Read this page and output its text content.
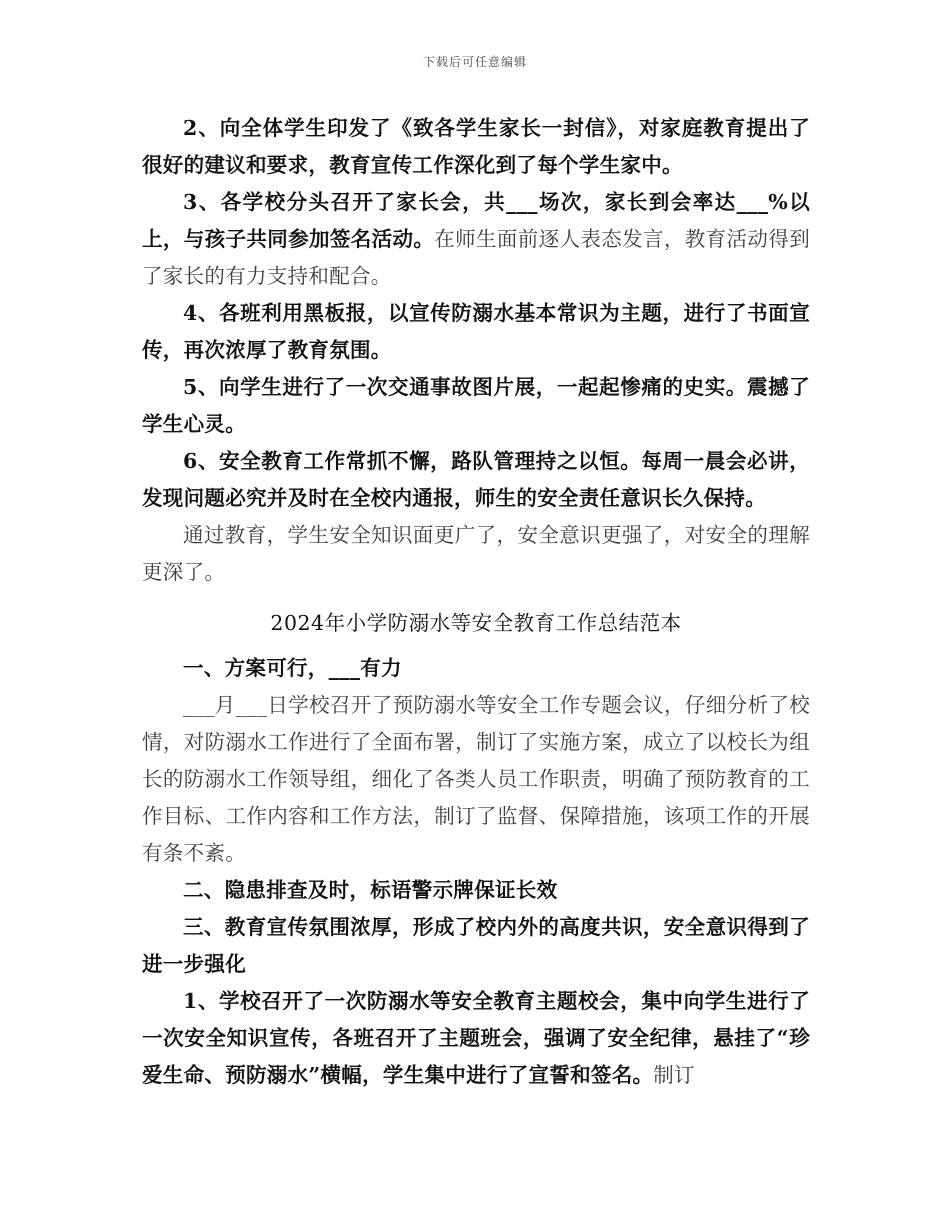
下载后可任意编辑

2、向全体学生印发了《致各学生家长一封信》，对家庭教育提出了很好的建议和要求，教育宣传工作深化到了每个学生家中。

3、各学校分头召开了家长会，共___场次，家长到会率达___%以上，与孩子共同参加签名活动。在师生面前逐人表态发言，教育活动得到了家长的有力支持和配合。

4、各班利用黑板报，以宣传防溺水基本常识为主题，进行了书面宣传，再次浓厚了教育氛围。

5、向学生进行了一次交通事故图片展，一起起惨痛的史实。震撼了学生心灵。

6、安全教育工作常抓不懈，路队管理持之以恒。每周一晨会必讲，发现问题必究并及时在全校内通报，师生的安全责任意识长久保持。

通过教育，学生安全知识面更广了，安全意识更强了，对安全的理解更深了。

2024年小学防溺水等安全教育工作总结范本

一、方案可行，___有力

___月___日学校召开了预防溺水等安全工作专题会议，仔细分析了校情，对防溺水工作进行了全面布署，制订了实施方案，成立了以校长为组长的防溺水工作领导组，细化了各类人员工作职责，明确了预防教育的工作目标、工作内容和工作方法，制订了监督、保障措施，该项工作的开展有条不紊。

二、隐患排查及时，标语警示牌保证长效

三、教育宣传氛围浓厚，形成了校内外的高度共识，安全意识得到了进一步强化

1、学校召开了一次防溺水等安全教育主题校会，集中向学生进行了一次安全知识宣传，各班召开了主题班会，强调了安全纪律，悬挂了“珍爱生命、预防溺水”横幅，学生集中进行了宣誓和签名。制订
